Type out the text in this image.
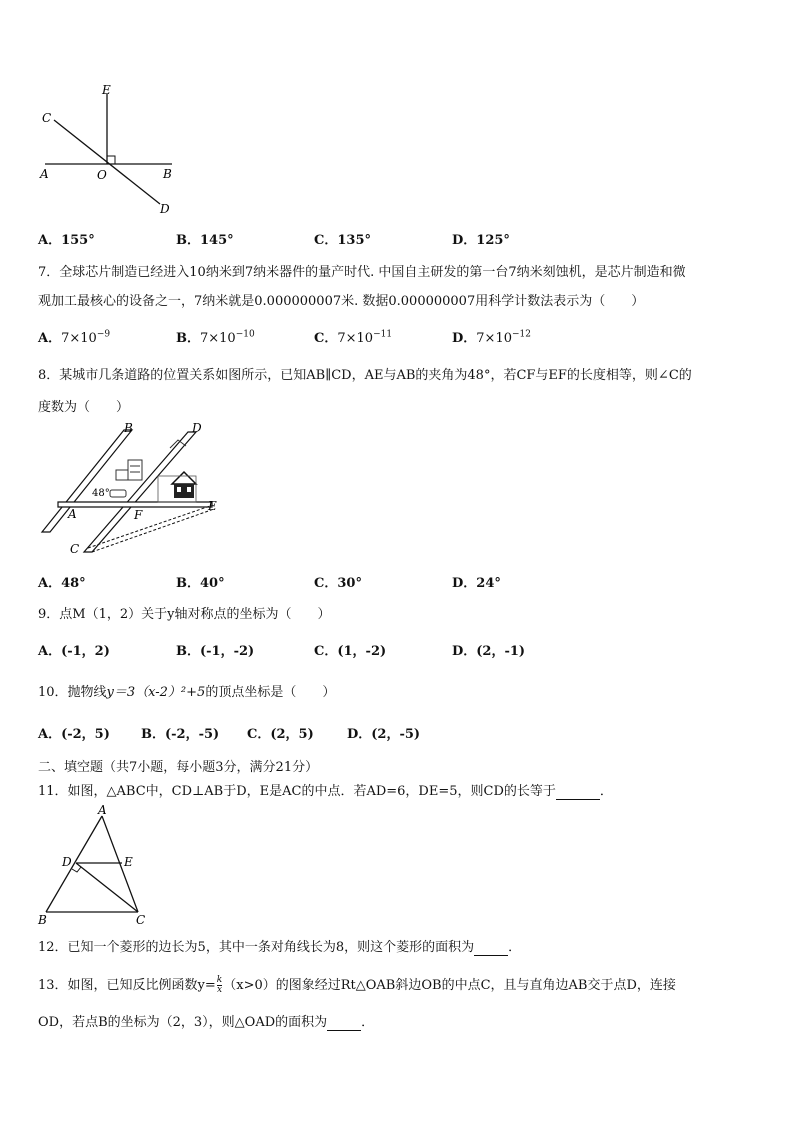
E
C
A	O	B
D
A．155°	B．145°	C．135°	D．125°
7．全球芯片制造已经进入10纳米到7纳米器件的量产时代. 中国自主研发的第一台7纳米刻蚀机，是芯片制造和微
观加工最核心的设备之一，7纳米就是0.000000007米. 数据0.000000007用科学计数法表示为（　　）
A．$7\times 10^{-9}$	B．$7\times 10^{-10}$	C．$7\times 10^{-11}$	D．$7\times 10^{-12}$
8．某城市几条道路的位置关系如图所示，已知AB∥CD，AE与AB的夹角为48°，若CF与EF的长度相等，则∠C的
度数为（　　）
B	D
48°
A	F
E
C
A．48°	B．40°	C．30°	D．24°
9．点M（1，2）关于y轴对称点的坐标为（　　）
A．(-1，2)	B．(-1，-2)	C．(1，-2)	D．(2，-1)
10．抛物线y＝3（x-2）²+5的顶点坐标是（　　）
A．(-2，5) B．(-2，-5) C．(2，5)	D．(2，-5)
二、填空题（共7小题，每小题3分，满分21分）
11．如图，△ABC中，CD⊥AB于D，E是AC的中点．若AD=6，DE=5，则CD的长等于	．
A
D	E
B	C
12．已知一个菱形的边长为5，其中一条对角线长为8，则这个菱形的面积为	．
13．如图，已知反比例函数$y= \frac{k}{x} (x>0)$的图象经过Rt△OAB斜边OB的中点C，且与直角边AB交于点D，连接
OD，若点B的坐标为（2，3），则△OAD的面积为	．
